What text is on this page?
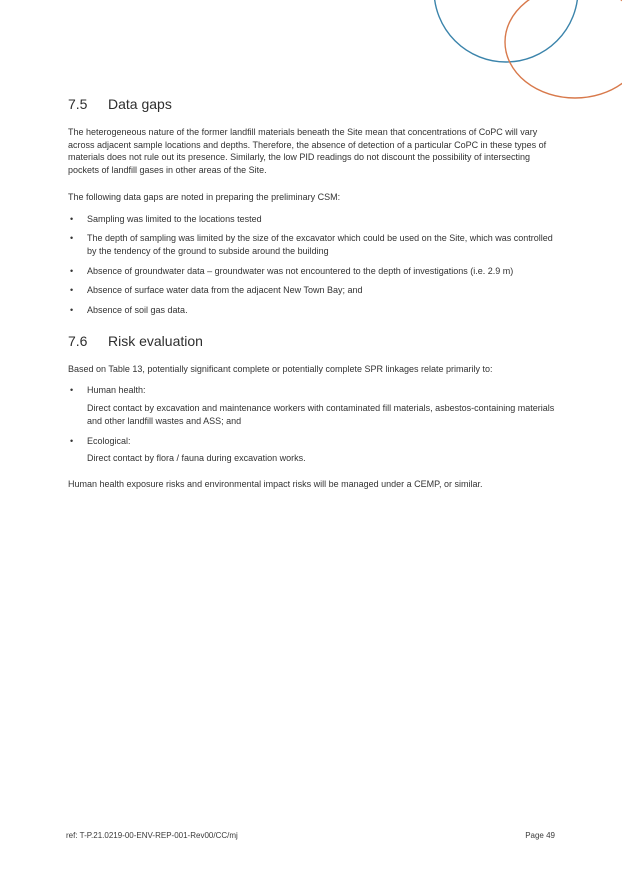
7.5	Data gaps

The heterogeneous nature of the former landfill materials beneath the Site mean that concentrations of CoPC will vary across adjacent sample locations and depths. Therefore, the absence of detection of a particular CoPC in these types of materials does not rule out its presence. Similarly, the low PID readings do not discount the possibility of intersecting pockets of landfill gases in other areas of the Site.

The following data gaps are noted in preparing the preliminary CSM:

•
Sampling was limited to the locations tested
•
The depth of sampling was limited by the size of the excavator which could be used on the Site, which was controlled by the tendency of the ground to subside around the building
•
Absence of groundwater data – groundwater was not encountered to the depth of investigations (i.e. 2.9 m)
•
Absence of surface water data from the adjacent New Town Bay; and
•
Absence of soil gas data.
7.6	Risk evaluation

Based on Table 13, potentially significant complete or potentially complete SPR linkages relate primarily to:

•
Human health:
Direct contact by excavation and maintenance workers with contaminated fill materials, asbestos-containing materials and other landfill wastes and ASS; and
•
Ecological:
Direct contact by flora / fauna during excavation works.

Human health exposure risks and environmental impact risks will be managed under a CEMP, or similar.

ref: T-P.21.0219-00-ENV-REP-001-Rev00/CC/mj	Page 49
